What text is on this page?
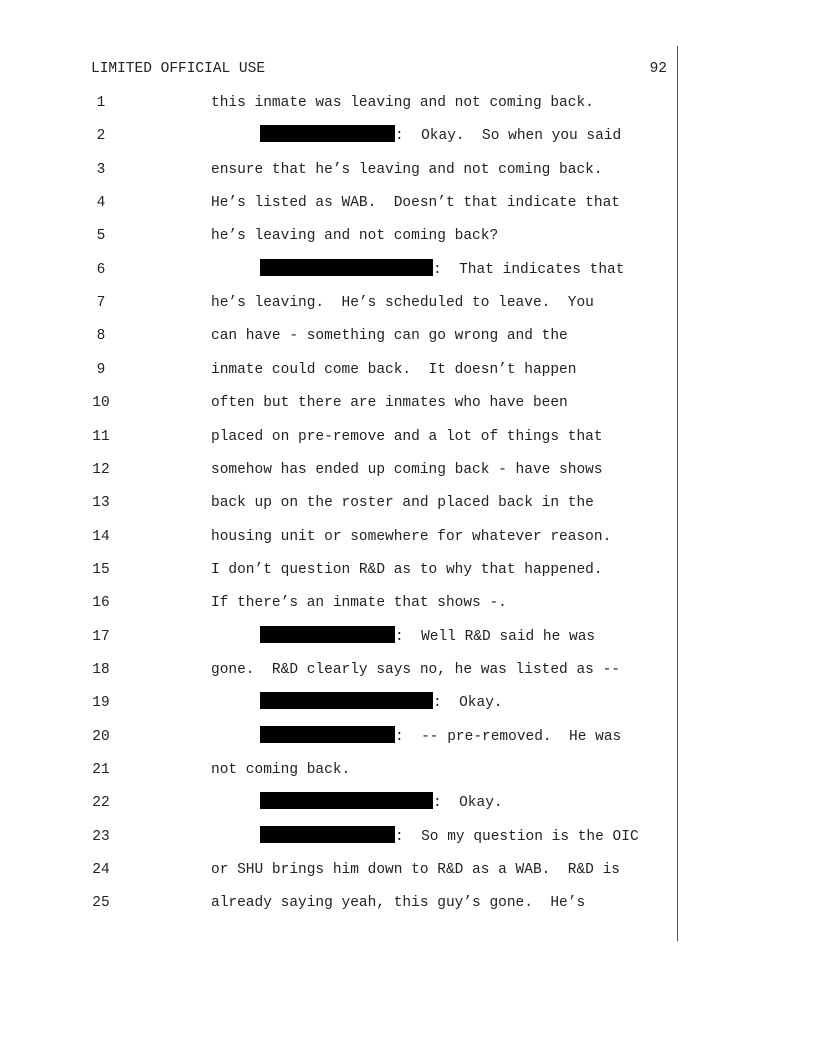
LIMITED OFFICIAL USE	92
1	this inmate was leaving and not coming back.
2	:  Okay.  So when you said
3	ensure that he’s leaving and not coming back.
4	He’s listed as WAB.  Doesn’t that indicate that
5	he’s leaving and not coming back?
6	:  That indicates that
7	he’s leaving.  He’s scheduled to leave.  You
8	can have - something can go wrong and the
9	inmate could come back.  It doesn’t happen
10	often but there are inmates who have been
11	placed on pre-remove and a lot of things that
12	somehow has ended up coming back - have shows
13	back up on the roster and placed back in the
14	housing unit or somewhere for whatever reason.
15	I don’t question R&D as to why that happened.
16	If there’s an inmate that shows -.
17	:  Well R&D said he was
18	gone.  R&D clearly says no, he was listed as --
19	:  Okay.
20	:  -- pre-removed.  He was
21	not coming back.
22	:  Okay.
23	:  So my question is the OIC
24	or SHU brings him down to R&D as a WAB.  R&D is
25	already saying yeah, this guy’s gone.  He’s
